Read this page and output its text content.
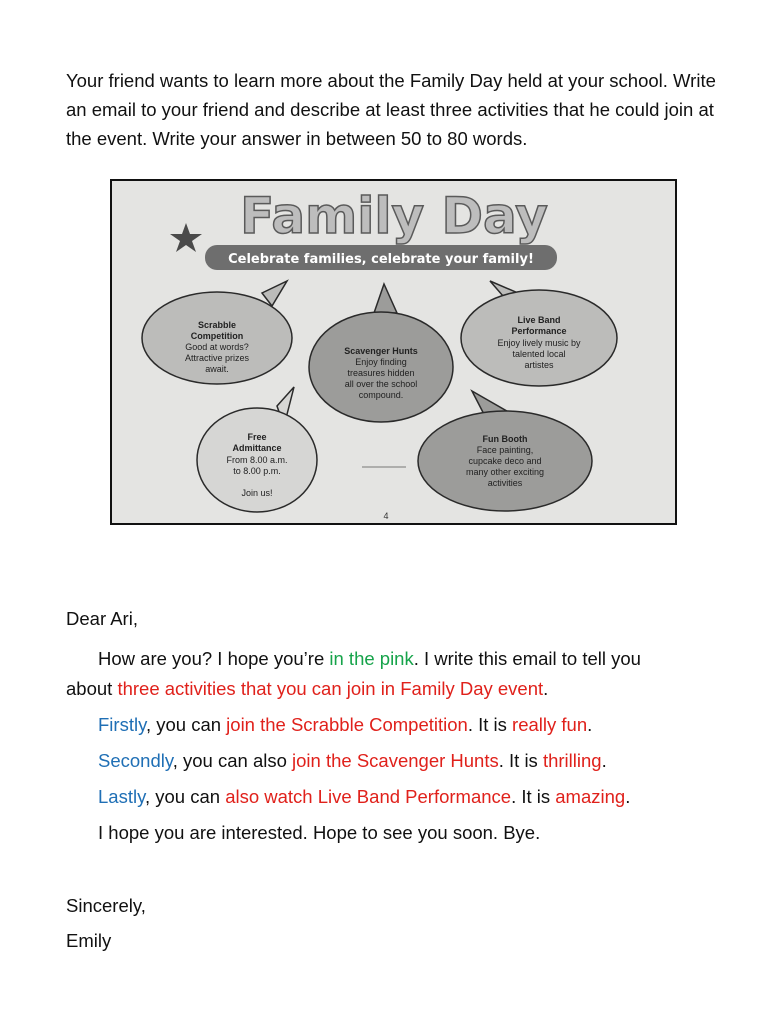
Your friend wants to learn more about the Family Day held at your school. Write an email to your friend and describe at least three activities that he could join at the event. Write your answer in between 50 to 80 words.

Family Day
Celebrate families, celebrate your family!
Scrabble
Competition
Good at words?
Attractive prizes
await.
Scavenger Hunts
Enjoy finding
treasures hidden
all over the school
compound.
Live Band
Performance
Enjoy lively music by
talented local
artistes
Free
Admittance
From 8.00 a.m.
to 8.00 p.m.
Join us!
Fun Booth
Face painting,
cupcake deco and
many other exciting
activities
4

Dear Ari,

How are you? I hope you’re in the pink. I write this email to tell you

about three activities that you can join in Family Day event.

Firstly, you can join the Scrabble Competition. It is really fun.

Secondly, you can also join the Scavenger Hunts. It is thrilling.

Lastly, you can also watch Live Band Performance. It is amazing.

I hope you are interested. Hope to see you soon. Bye.

Sincerely,

Emily
